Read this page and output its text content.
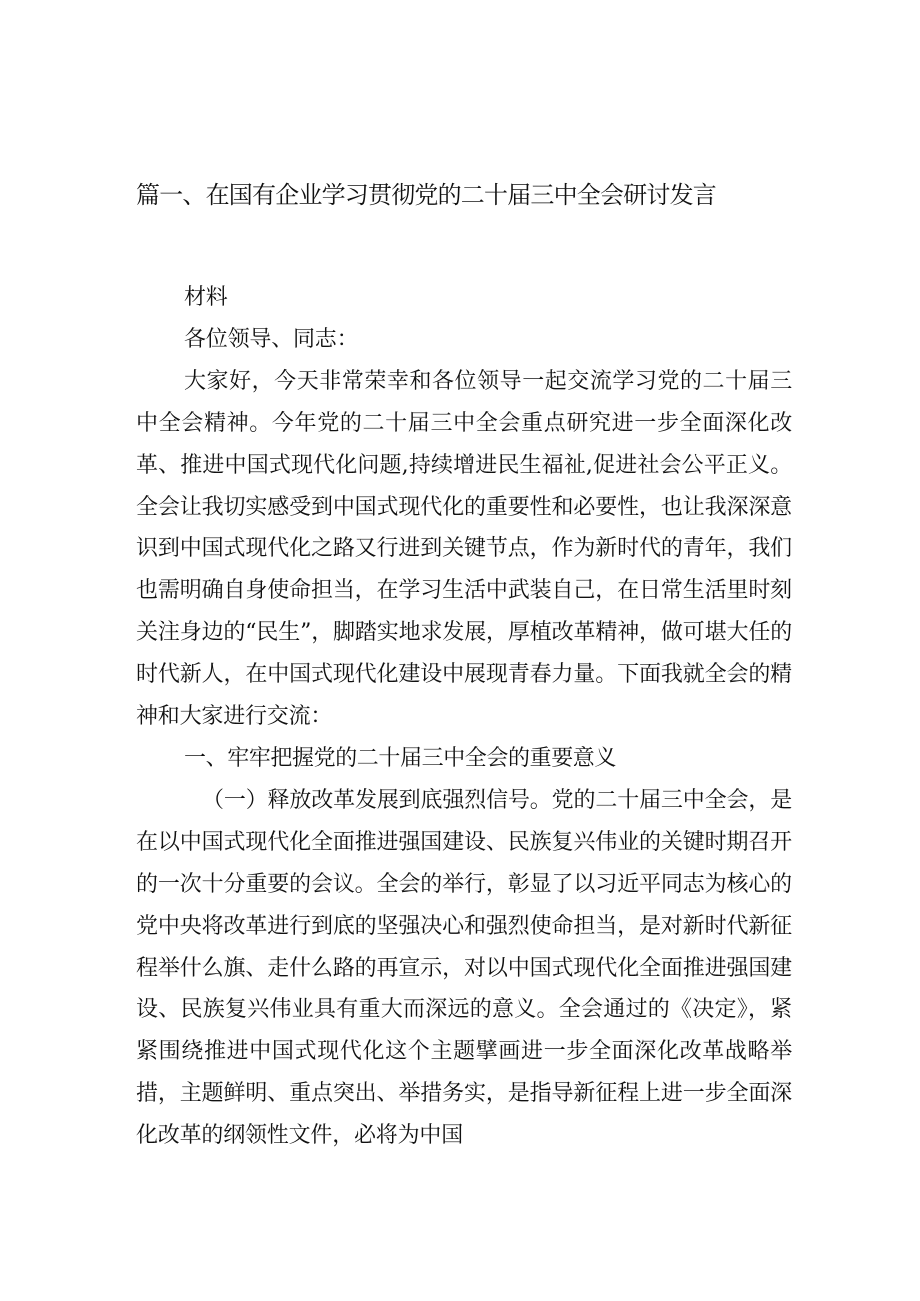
篇一、在国有企业学习贯彻党的二十届三中全会研讨发言

材料

各位领导、同志：

大家好，今天非常荣幸和各位领导一起交流学习党的二十届三中全会精神。今年党的二十届三中全会重点研究进一步全面深化改革、推进中国式现代化问题,持续增进民生福祉,促进社会公平正义。全会让我切实感受到中国式现代化的重要性和必要性，也让我深深意识到中国式现代化之路又行进到关键节点，作为新时代的青年，我们也需明确自身使命担当，在学习生活中武装自己，在日常生活里时刻关注身边的“民生”，脚踏实地求发展，厚植改革精神，做可堪大任的时代新人，在中国式现代化建设中展现青春力量。下面我就全会的精神和大家进行交流：

一、牢牢把握党的二十届三中全会的重要意义

（一）释放改革发展到底强烈信号。党的二十届三中全会，是在以中国式现代化全面推进强国建设、民族复兴伟业的关键时期召开的一次十分重要的会议。全会的举行，彰显了以习近平同志为核心的党中央将改革进行到底的坚强决心和强烈使命担当，是对新时代新征程举什么旗、走什么路的再宣示，对以中国式现代化全面推进强国建设、民族复兴伟业具有重大而深远的意义。全会通过的《决定》，紧紧围绕推进中国式现代化这个主题擘画进一步全面深化改革战略举措，主题鲜明、重点突出、举措务实，是指导新征程上进一步全面深化改革的纲领性文件，必将为中国
